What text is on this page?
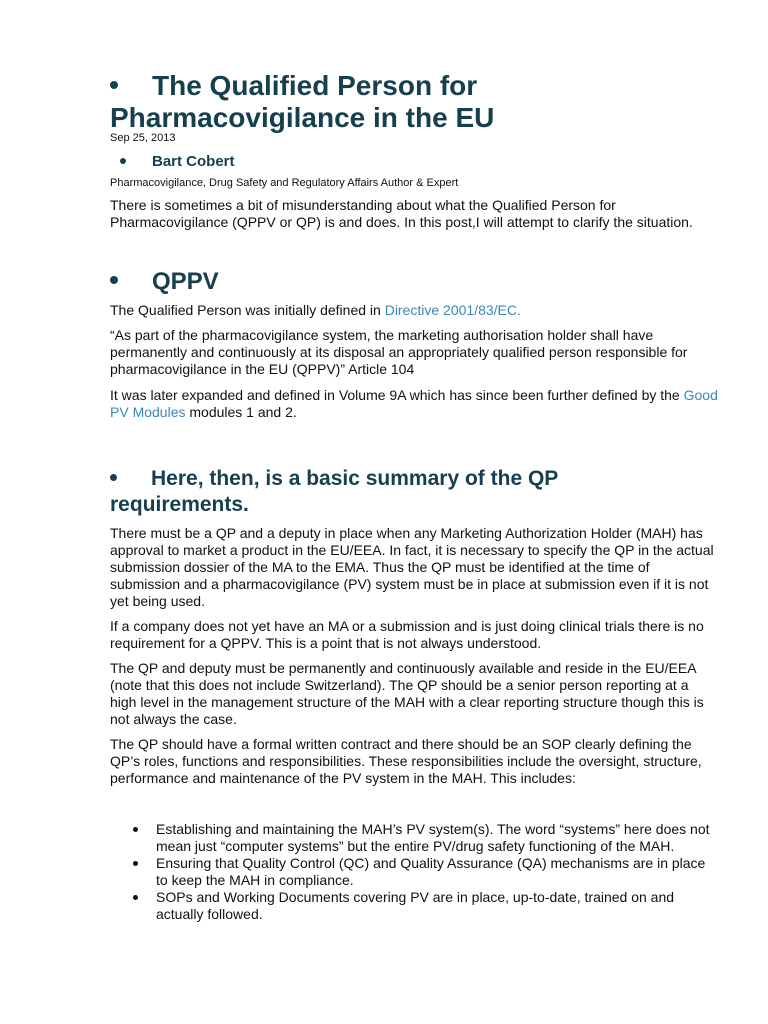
The Qualified Person for
Pharmacovigilance in the EU
Sep 25, 2013
Bart Cobert
Pharmacovigilance, Drug Safety and Regulatory Affairs Author & Expert
There is sometimes a bit of misunderstanding about what the Qualified Person for Pharmacovigilance (QPPV or QP) is and does. In this post,I will attempt to clarify the situation.
QPPV
The Qualified Person was initially defined in Directive 2001/83/EC.
“As part of the pharmacovigilance system, the marketing authorisation holder shall have permanently and continuously at its disposal an appropriately qualified person responsible for pharmacovigilance in the EU (QPPV)” Article 104
It was later expanded and defined in Volume 9A which has since been further defined by the Good PV Modules modules 1 and 2.
Here, then, is a basic summary of the QP
requirements.
There must be a QP and a deputy in place when any Marketing Authorization Holder (MAH) has approval to market a product in the EU/EEA. In fact, it is necessary to specify the QP in the actual submission dossier of the MA to the EMA. Thus the QP must be identified at the time of submission and a pharmacovigilance (PV) system must be in place at submission even if it is not yet being used.
If a company does not yet have an MA or a submission and is just doing clinical trials there is no requirement for a QPPV. This is a point that is not always understood.
The QP and deputy must be permanently and continuously available and reside in the EU/EEA (note that this does not include Switzerland). The QP should be a senior person reporting at a high level in the management structure of the MAH with a clear reporting structure though this is not always the case.
The QP should have a formal written contract and there should be an SOP clearly defining the QP’s roles, functions and responsibilities. These responsibilities include the oversight, structure, performance and maintenance of the PV system in the MAH. This includes:
Establishing and maintaining the MAH’s PV system(s). The word “systems” here does not mean just “computer systems” but the entire PV/drug safety functioning of the MAH.
Ensuring that Quality Control (QC) and Quality Assurance (QA) mechanisms are in place to keep the MAH in compliance.
SOPs and Working Documents covering PV are in place, up-to-date, trained on and actually followed.
